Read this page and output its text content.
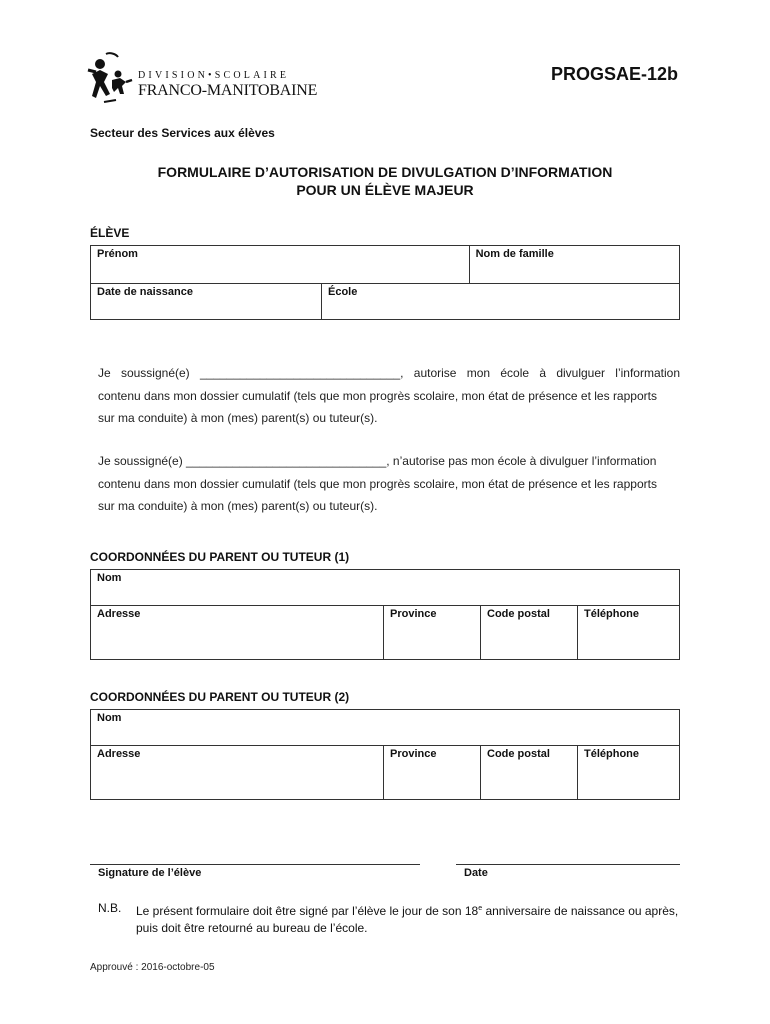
DIVISION•SCOLAIRE
FRANCO-MANITOBAINE
PROGSAE-12b
Secteur des Services aux élèves
FORMULAIRE D’AUTORISATION DE DIVULGATION D’INFORMATION
POUR UN ÉLÈVE MAJEUR
ÉLÈVE
Prénom		Nom de famille
Date de naissance	École	
Je soussigné(e) ______________________________, autorise mon école à divulguer l’information
contenu dans mon dossier cumulatif (tels que mon progrès scolaire, mon état de présence et les rapports
sur ma conduite) à mon (mes) parent(s) ou tuteur(s).
Je soussigné(e) ______________________________, n’autorise pas mon école à divulguer l’information
contenu dans mon dossier cumulatif (tels que mon progrès scolaire, mon état de présence et les rapports
sur ma conduite) à mon (mes) parent(s) ou tuteur(s).
COORDONNÉES DU PARENT OU TUTEUR (1)
Nom
Adresse	Province	Code postal	Téléphone
COORDONNÉES DU PARENT OU TUTEUR (2)
Nom
Adresse	Province	Code postal	Téléphone
Signature de l’élève	Date
N.B. Le présent formulaire doit être signé par l’élève le jour de son 18e anniversaire de naissance ou après, puis doit être retourné au bureau de l’école.
Approuvé : 2016-octobre-05
